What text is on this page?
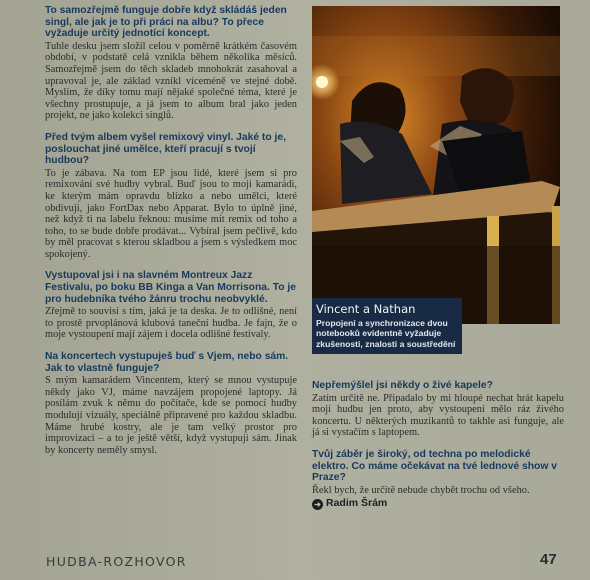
To samozřejmě funguje dobře když skládáš jeden singl, ale jak je to při práci na albu? To přece vyžaduje určitý jednotící koncept.

Tuhle desku jsem složil celou v poměrně krátkém časovém období, v podstatě celá vznikla během několika měsíců. Samozřejmě jsem do těch skladeb mnohokrát zasahoval a upravoval je, ale základ vznikl víceméně ve stejné době. Myslím, že díky tomu mají nějaké společné téma, které je všechny prostupuje, a já jsem to album bral jako jeden projekt, ne jako kolekci singlů.

Před tvým albem vyšel remixový vinyl. Jaké to je, poslouchat jiné umělce, kteří pracují s tvojí hudbou?

To je zábava. Na tom EP jsou lidé, které jsem si pro remixování své hudby vybral. Buď jsou to moji kamarádi, ke kterým mám opravdu blízko a nebo umělci, které obdivuji, jako FortDax nebo Apparat. Bylo to úplně jiné, než když ti na labelu řeknou: musíme mít remix od toho a toho, to se bude dobře prodávat... Vybíral jsem pečlivě, kdo by měl pracovat s kterou skladbou a jsem s výsledkem moc spokojený.

Vystupoval jsi i na slavném Montreux Jazz Festivalu, po boku BB Kinga a Van Morrisona. To je pro hudebníka tvého žánru trochu neobvyklé.

Zřejmě to souvisí s tím, jaká je ta deska. Je to odlišné, není to prostě prvoplánová klubová taneční hudba. Je fajn, že o moje vystoupení mají zájem i docela odlišné festivaly.

Na koncertech vystupuješ buď s Vjem, nebo sám. Jak to vlastně funguje?

S mým kamarádem Vincentem, který se mnou vystupuje někdy jako VJ, máme navzájem propojené laptopy. Já posílám zvuk k němu do počítače, kde se pomocí hudby modulují vizuály, speciálně připravené pro každou skladbu. Máme hrubé kostry, ale je tam velký prostor pro improvizaci – a to je ještě větší, když vystupuji sám. Jinak by koncerty neměly smysl.

Vincent a Nathan
Propojení a synchronizace dvou notebooků evidentně vyžaduje zkušenosti, znalosti a soustředění

Nepřemýšlel jsi někdy o živé kapele?

Zatím určitě ne. Připadalo by mi hloupé nechat hrát kapelu mojí hudbu jen proto, aby vystoupení mělo ráz živého koncertu. U některých muzikantů to takhle asi funguje, ale já si vystačím s laptopem.

Tvůj záběr je široký, od techna po melodické elektro. Co máme očekávat na tvé lednové show v Praze?

Řekl bych, že určitě nebude chybět trochu od všeho.

➜ Radim Šrám
HUDBA-ROZHOVOR	47
